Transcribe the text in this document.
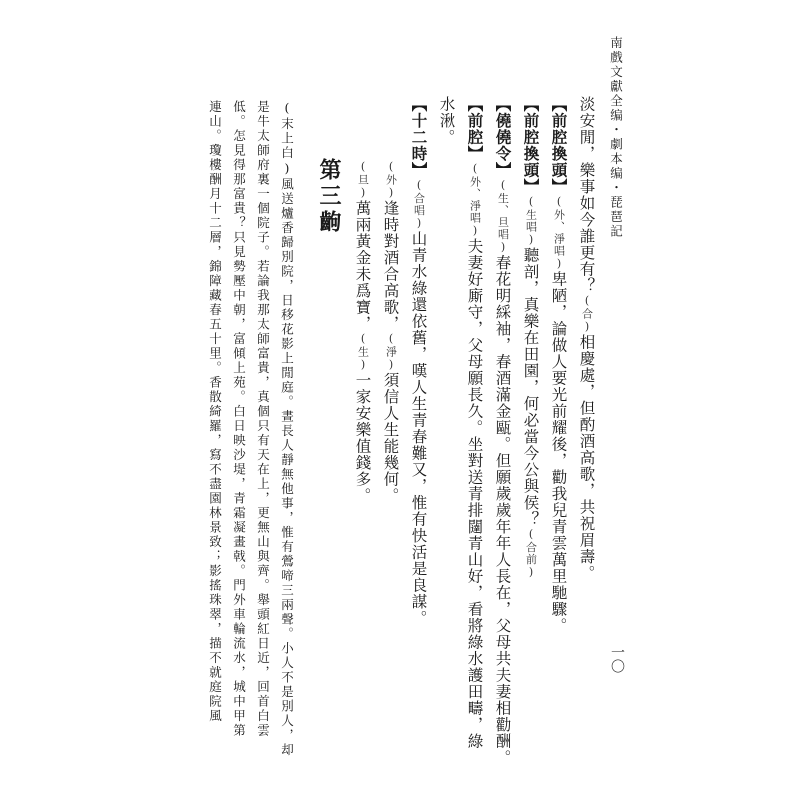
南戲文獻全编・劇本编・琵琶記
一〇
淡安閒，樂事如今誰更有？(合)相慶處，但酌酒高歌，共祝眉壽。
【前腔換頭】(外、淨唱)卑陋，論做人要光前耀後，勸我兒青雲萬里馳驟。
【前腔換頭】(生唱)聽剖，真樂在田園，何必當今公與侯？(合前)
【僥僥令】(生、旦唱)春花明綵袖，春酒滿金甌。但願歲歲年年人長在，父母共夫妻相勸酬。
【前腔】(外、淨唱)夫妻好廝守，父母願長久。坐對送青排闥青山好，看將綠水護田疇，綠
水湫。
【十二時】(合唱)山青水綠還依舊，嘆人生青春難又，惟有快活是良謀。
(外)逢時對酒合高歌，(淨)須信人生能幾何。
(旦)萬兩黃金未爲寶，(生)一家安樂值錢多。
第三齣
(末上白)風送爐香歸別院，日移花影上閒庭。晝長人靜無他事，惟有鶯啼三兩聲。小人不是別人，却
是牛太師府裏一個院子。若論我那太師富貴，真個只有天在上，更無山與齊。舉頭紅日近，回首白雲
低。怎見得那富貴？只見勢壓中朝，富傾上苑。白日映沙堤，青霜凝畫戟。門外車輪流水，城中甲第
連山。瓊樓酬月十二層，錦障藏春五十里。香散綺羅，寫不盡園林景致；影搖珠翠，描不就庭院風
